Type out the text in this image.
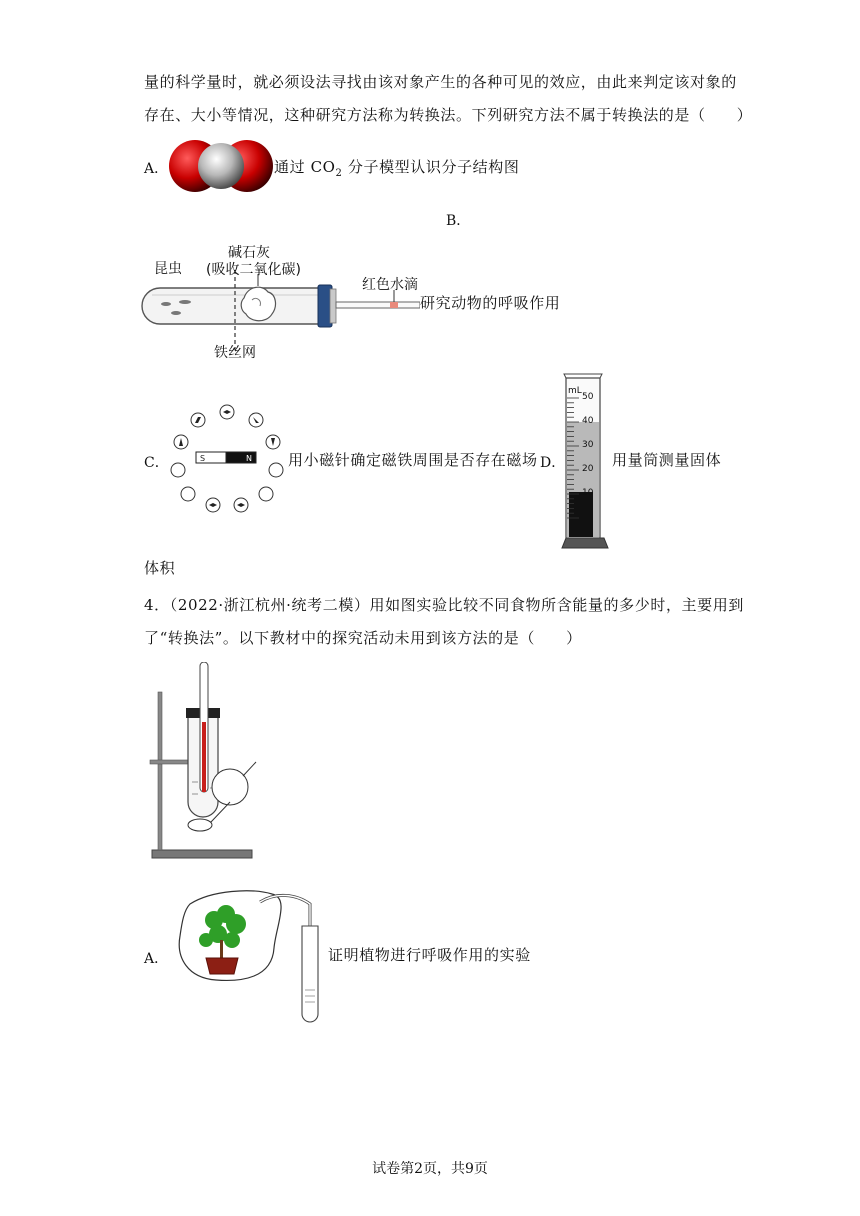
量的科学量时，就必须设法寻找由该对象产生的各种可见的效应，由此来判定该对象的
存在、大小等情况，这种研究方法称为转换法。下列研究方法不属于转换法的是（　　）
A．	通过 $CO_2$ 分子模型认识分子结构图
B．
昆虫
碱石灰
(吸收二氧化碳)
红色水滴
铁丝网
研究动物的呼吸作用
C．	S	N 用小磁针确定磁铁周围是否存在磁场 D．
mL
50
40
30
20
10
用量筒测量固体
体积
4．（2022·浙江杭州·统考二模）用如图实验比较不同食物所含能量的多少时，主要用到
了“转换法”。以下教材中的探究活动未用到该方法的是（　　）
A．	证明植物进行呼吸作用的实验
试卷第2页，共9页
